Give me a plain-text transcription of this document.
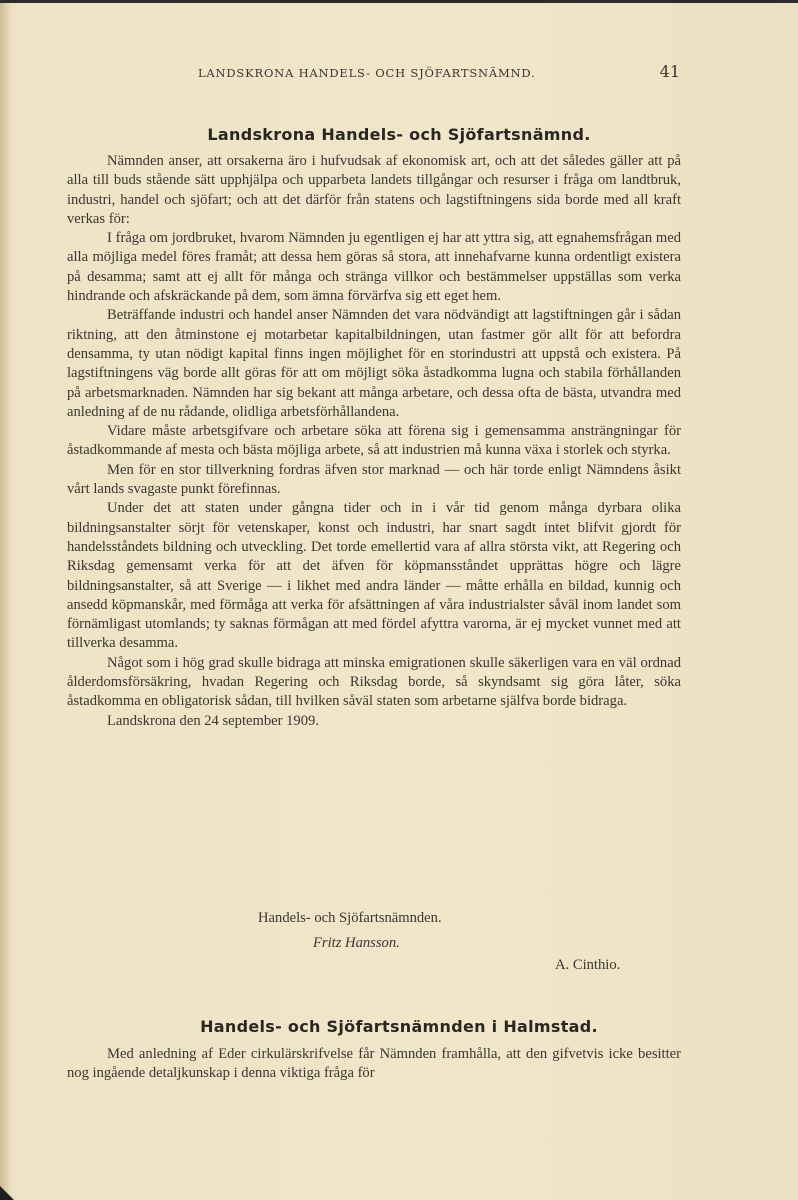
LANDSKRONA HANDELS- OCH SJÖFARTSNÄMND.	41
Landskrona Handels- och Sjöfartsnämnd.

Nämnden anser, att orsakerna äro i hufvudsak af ekonomisk art, och att det således gäller att på alla till buds stående sätt upphjälpa och upparbeta landets tillgångar och resurser i fråga om landtbruk, industri, handel och sjöfart; och att det därför från statens och lagstiftningens sida borde med all kraft verkas för:

I fråga om jordbruket, hvarom Nämnden ju egentligen ej har att yttra sig, att egnahemsfrågan med alla möjliga medel föres framåt; att dessa hem göras så stora, att innehafvarne kunna ordentligt existera på desamma; samt att ej allt för många och stränga villkor och bestämmelser uppställas som verka hindrande och afskräckande på dem, som ämna förvärfva sig ett eget hem.

Beträffande industri och handel anser Nämnden det vara nödvändigt att lagstiftningen går i sådan riktning, att den åtminstone ej motarbetar kapitalbildningen, utan fastmer gör allt för att befordra densamma, ty utan nödigt kapital finns ingen möjlighet för en storindustri att uppstå och existera. På lagstiftningens väg borde allt göras för att om möjligt söka åstadkomma lugna och stabila förhållanden på arbetsmarknaden. Nämnden har sig bekant att många arbetare, och dessa ofta de bästa, utvandra med anledning af de nu rådande, olidliga arbetsförhållandena.

Vidare måste arbetsgifvare och arbetare söka att förena sig i gemensamma ansträngningar för åstadkommande af mesta och bästa möjliga arbete, så att industrien må kunna växa i storlek och styrka.

Men för en stor tillverkning fordras äfven stor marknad — och här torde enligt Nämndens åsikt vårt lands svagaste punkt förefinnas.

Under det att staten under gångna tider och in i vår tid genom många dyrbara olika bildningsanstalter sörjt för vetenskaper, konst och industri, har snart sagdt intet blifvit gjordt för handelsståndets bildning och utveckling. Det torde emellertid vara af allra största vikt, att Regering och Riksdag gemensamt verka för att det äfven för köpmansståndet upprättas högre och lägre bildningsanstalter, så att Sverige — i likhet med andra länder — måtte erhålla en bildad, kunnig och ansedd köpmanskår, med förmåga att verka för afsättningen af våra industrialster såväl inom landet som förnämligast utomlands; ty saknas förmågan att med fördel afyttra varorna, är ej mycket vunnet med att tillverka desamma.

Något som i hög grad skulle bidraga att minska emigrationen skulle säkerligen vara en väl ordnad ålderdomsförsäkring, hvadan Regering och Riksdag borde, så skyndsamt sig göra låter, söka åstadkomma en obligatorisk sådan, till hvilken såväl staten som arbetarne själfva borde bidraga.

Landskrona den 24 september 1909.

Handels- och Sjöfartsnämnden.
Fritz Hansson.
A. Cinthio.
Handels- och Sjöfartsnämnden i Halmstad.

Med anledning af Eder cirkulärskrifvelse får Nämnden framhålla, att den gifvetvis icke besitter nog ingående detaljkunskap i denna viktiga fråga för
